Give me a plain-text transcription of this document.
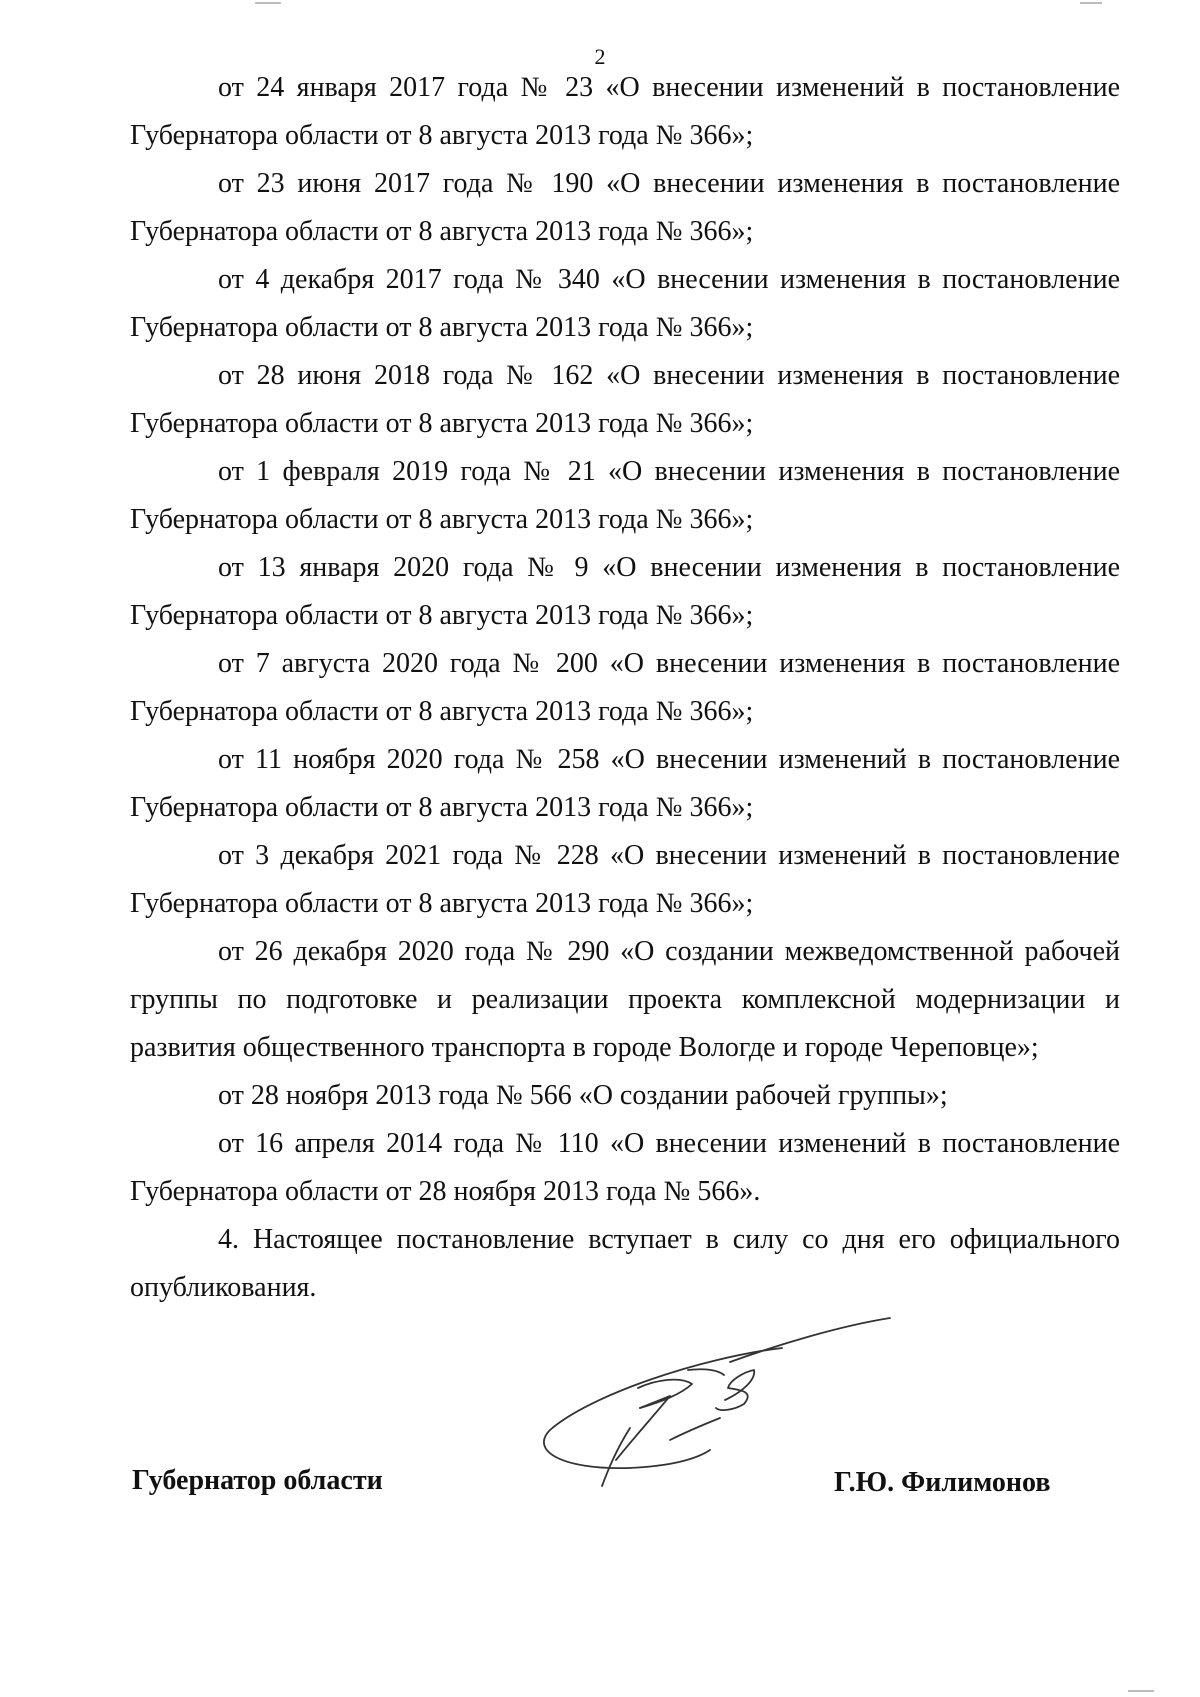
2

от 24 января 2017 года № 23 «О внесении изменений в постановление Губернатора области от 8 августа 2013 года № 366»;

от 23 июня 2017 года № 190 «О внесении изменения в постановление Губернатора области от 8 августа 2013 года № 366»;

от 4 декабря 2017 года № 340 «О внесении изменения в постановление Губернатора области от 8 августа 2013 года № 366»;

от 28 июня 2018 года № 162 «О внесении изменения в постановление Губернатора области от 8 августа 2013 года № 366»;

от 1 февраля 2019 года № 21 «О внесении изменения в постановление Губернатора области от 8 августа 2013 года № 366»;

от 13 января 2020 года № 9 «О внесении изменения в постановление Губернатора области от 8 августа 2013 года № 366»;

от 7 августа 2020 года № 200 «О внесении изменения в постановление Губернатора области от 8 августа 2013 года № 366»;

от 11 ноября 2020 года № 258 «О внесении изменений в постановление Губернатора области от 8 августа 2013 года № 366»;

от 3 декабря 2021 года № 228 «О внесении изменений в постановление Губернатора области от 8 августа 2013 года № 366»;

от 26 декабря 2020 года № 290 «О создании межведомственной рабочей группы по подготовке и реализации проекта комплексной модернизации и развития общественного транспорта в городе Вологде и городе Череповце»;

от 28 ноября 2013 года № 566 «О создании рабочей группы»;

от 16 апреля 2014 года № 110 «О внесении изменений в постановление Губернатора области от 28 ноября 2013 года № 566».

4. Настоящее постановление вступает в силу со дня его официального опубликования.

Губернатор области	Г.Ю. Филимонов
